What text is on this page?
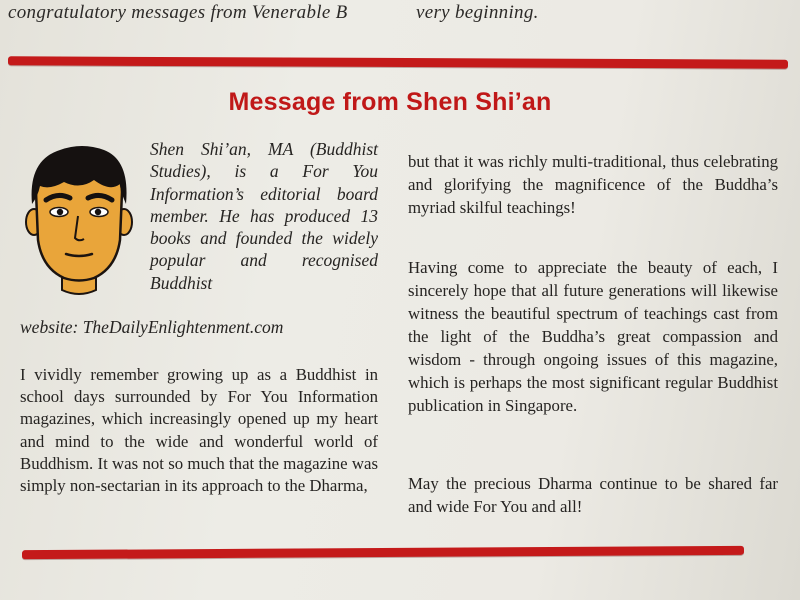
congratulatory messages from Venerable B	very beginning.
Message from Shen Shi’an
Shen Shi’an, MA (Buddhist Studies), is a For You Information’s editorial board member. He has produced 13 books and founded the widely popular and recognised Buddhist
website: TheDailyEnlightenment.com

I vividly remember growing up as a Buddhist in school days surrounded by For You Information magazines, which increasingly opened up my heart and mind to the wide and wonderful world of Buddhism. It was not so much that the magazine was simply non-sectarian in its approach to the Dharma,

but that it was richly multi-traditional, thus celebrating and glorifying the magnificence of the Buddha’s myriad skilful teachings!

Having come to appreciate the beauty of each, I sincerely hope that all future generations will likewise witness the beautiful spectrum of teachings cast from the light of the Buddha’s great compassion and wisdom - through ongoing issues of this magazine, which is perhaps the most significant regular Buddhist publication in Singapore.

May the precious Dharma continue to be shared far and wide For You and all!
